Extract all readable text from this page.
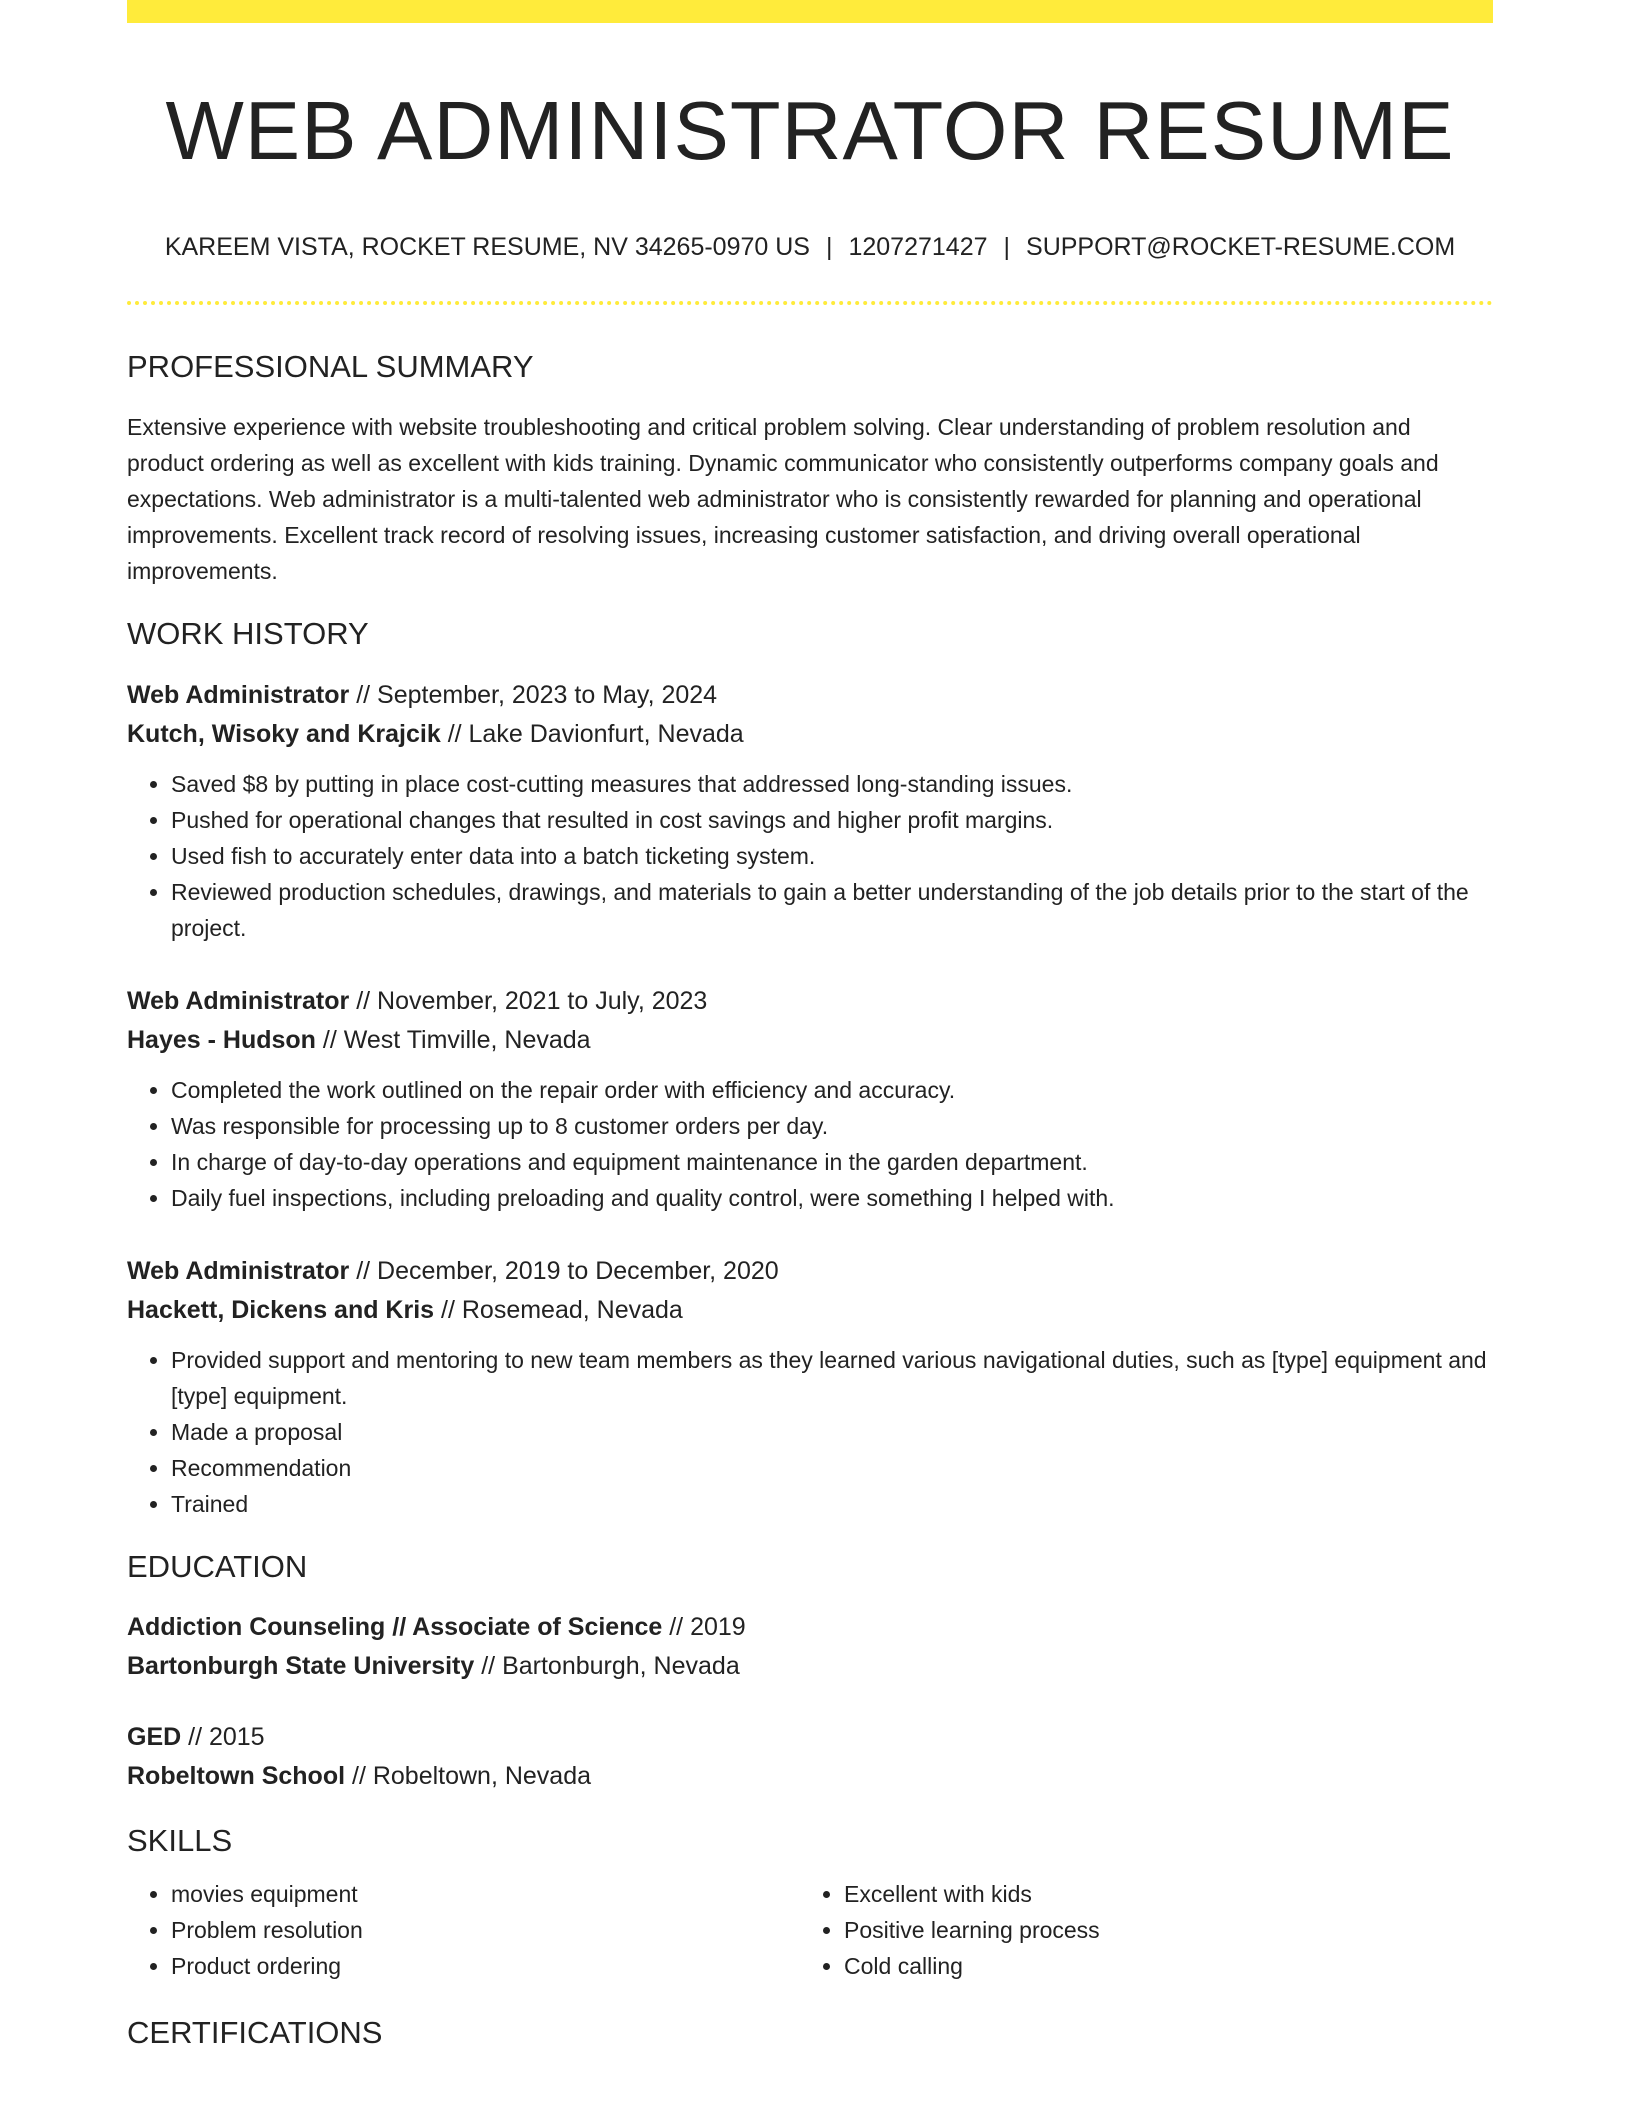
WEB ADMINISTRATOR RESUME
KAREEM VISTA, ROCKET RESUME, NV 34265-0970 US | 1207271427 | SUPPORT@ROCKET-RESUME.COM
PROFESSIONAL SUMMARY
Extensive experience with website troubleshooting and critical problem solving. Clear understanding of problem resolution and product ordering as well as excellent with kids training. Dynamic communicator who consistently outperforms company goals and expectations. Web administrator is a multi-talented web administrator who is consistently rewarded for planning and operational improvements. Excellent track record of resolving issues, increasing customer satisfaction, and driving overall operational improvements.
WORK HISTORY
Web Administrator // September, 2023 to May, 2024
Kutch, Wisoky and Krajcik // Lake Davionfurt, Nevada
• Saved $8 by putting in place cost-cutting measures that addressed long-standing issues.
• Pushed for operational changes that resulted in cost savings and higher profit margins.
• Used fish to accurately enter data into a batch ticketing system.
• Reviewed production schedules, drawings, and materials to gain a better understanding of the job details prior to the start of the project.
Web Administrator // November, 2021 to July, 2023
Hayes - Hudson // West Timville, Nevada
• Completed the work outlined on the repair order with efficiency and accuracy.
• Was responsible for processing up to 8 customer orders per day.
• In charge of day-to-day operations and equipment maintenance in the garden department.
• Daily fuel inspections, including preloading and quality control, were something I helped with.
Web Administrator // December, 2019 to December, 2020
Hackett, Dickens and Kris // Rosemead, Nevada
• Provided support and mentoring to new team members as they learned various navigational duties, such as [type] equipment and [type] equipment.
• Made a proposal
• Recommendation
• Trained
EDUCATION
Addiction Counseling // Associate of Science // 2019
Bartonburgh State University // Bartonburgh, Nevada
GED // 2015
Robeltown School // Robeltown, Nevada
SKILLS
• movies equipment
• Problem resolution
• Product ordering
• Excellent with kids
• Positive learning process
• Cold calling
CERTIFICATIONS
